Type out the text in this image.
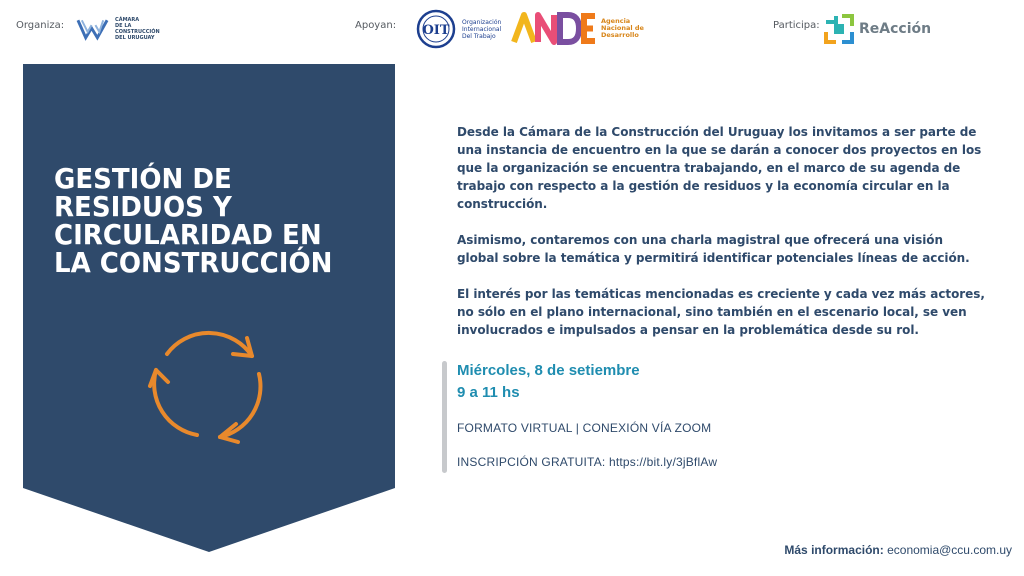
Organiza:	CÁMARA
DE LA CONSTRUCCIÓN
DEL URUGUAY
Apoyan: OIT
Organización
Internacional
Del Trabajo
Agencia
Nacional de
Desarrollo
Participa:	ReAcción
GESTIÓN DE
RESIDUOS Y
CIRCULARIDAD EN
LA CONSTRUCCIÓN

Desde la Cámara de la Construcción del Uruguay los invitamos a ser parte de una instancia de encuentro en la que se darán a conocer dos proyectos en los que la organización se encuentra trabajando, en el marco de su agenda de trabajo con respecto a la gestión de residuos y la economía circular en la construcción.

Asimismo, contaremos con una charla magistral que ofrecerá una visión global sobre la temática y permitirá identificar potenciales líneas de acción.

El interés por las temáticas mencionadas es creciente y cada vez más actores, no sólo en el plano internacional, sino también en el escenario local, se ven involucrados e impulsados a pensar en la problemática desde su rol.

Miércoles, 8 de setiembre
9 a 11 hs
FORMATO VIRTUAL | CONEXIÓN VÍA ZOOM
INSCRIPCIÓN GRATUITA: https://bit.ly/3jBflAw
Más información: economia@ccu.com.uy
